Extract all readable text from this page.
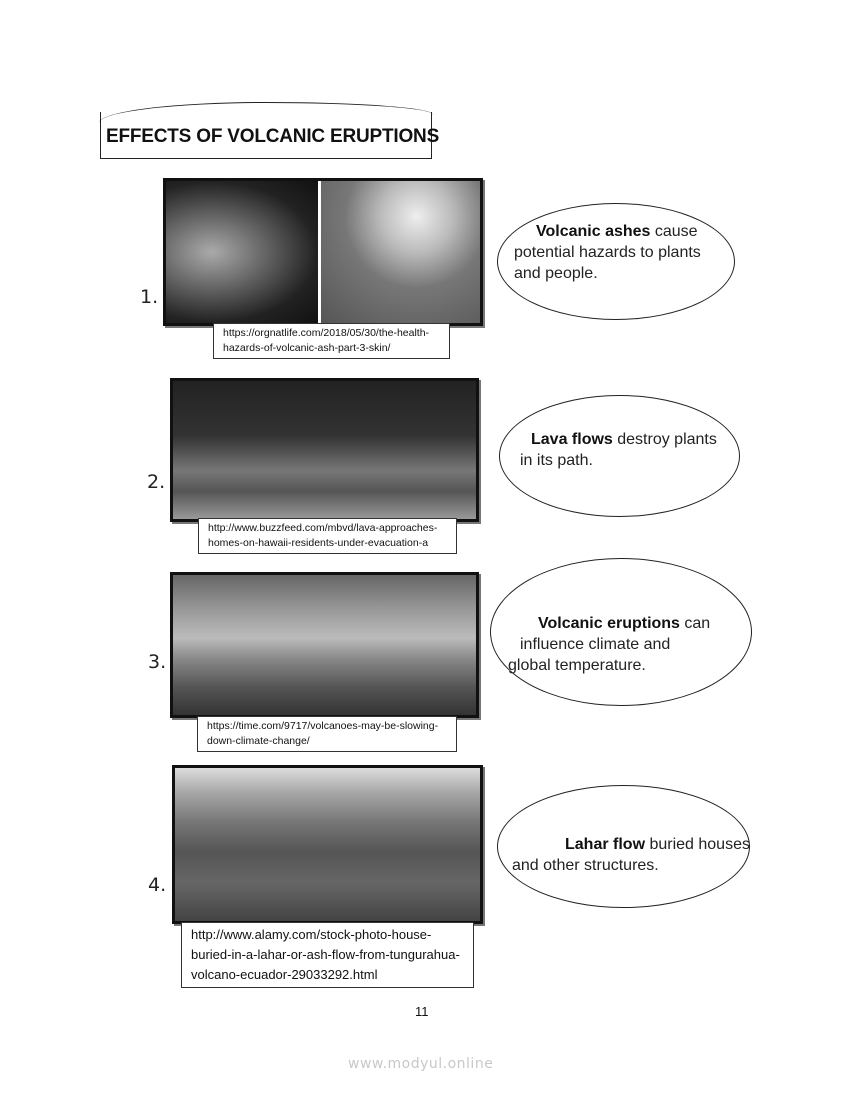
EFFECTS OF VOLCANIC ERUPTIONS
https://orgnatlife.com/2018/05/30/the-health-
hazards-of-volcanic-ash-part-3-skin/
1.
Volcanic ashes cause
potential hazards to plants
and people.
http://www.buzzfeed.com/mbvd/lava-approaches-
homes-on-hawaii-residents-under-evacuation-a
2.
Lava flows destroy plants
in its path.
https://time.com/9717/volcanoes-may-be-slowing-
down-climate-change/
3.
Volcanic eruptions can
influence climate and
global temperature.
http://www.alamy.com/stock-photo-house-
buried-in-a-lahar-or-ash-flow-from-tungurahua-
volcano-ecuador-29033292.html
4.
Lahar flow buried houses
and other structures.
11
www.modyul.online
